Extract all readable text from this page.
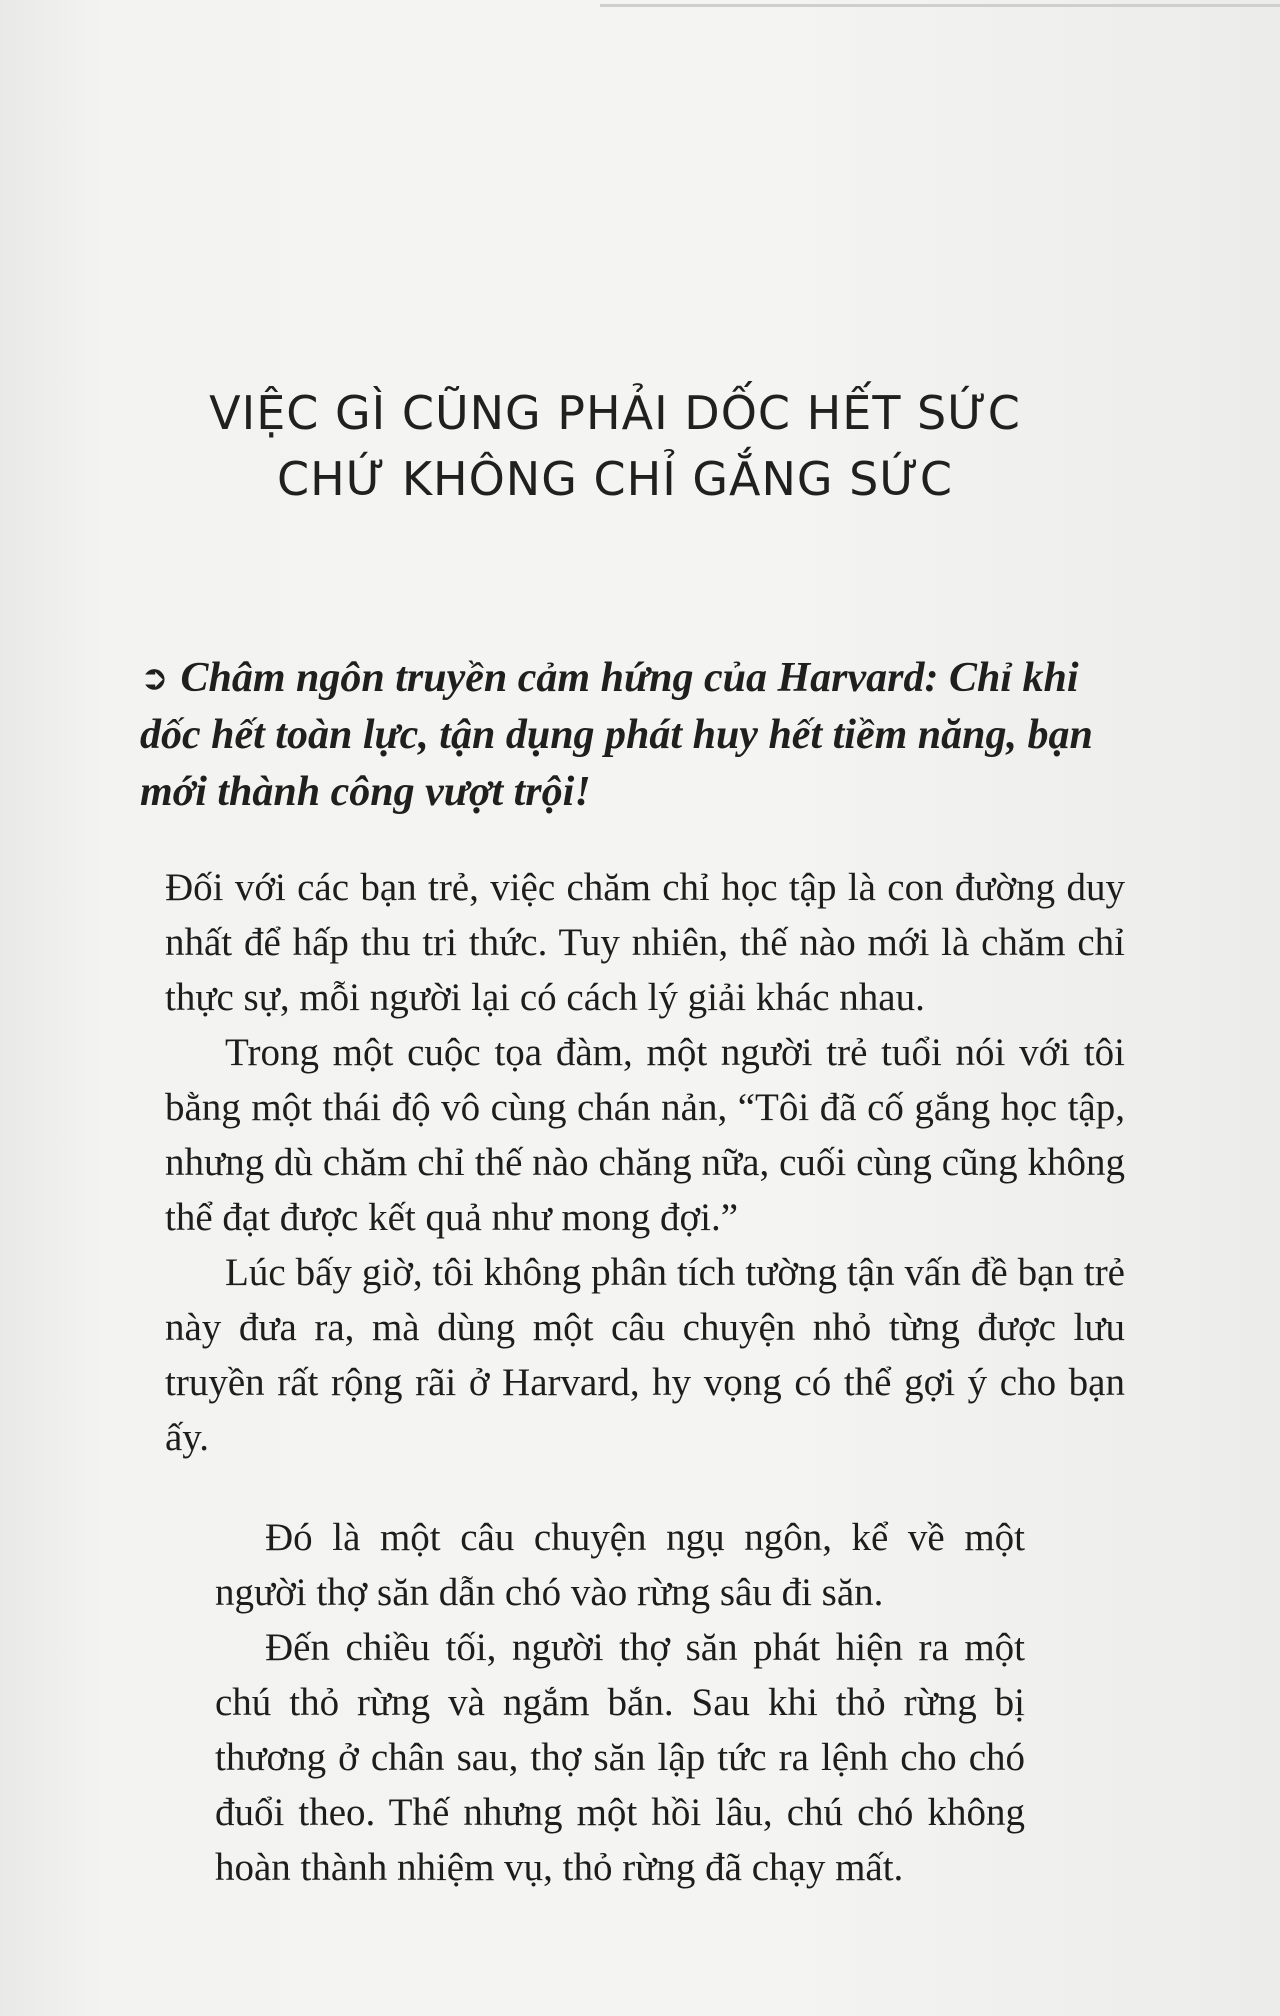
VIỆC GÌ CŨNG PHẢI DỐC HẾT SỨC
CHỨ KHÔNG CHỈ GẮNG SỨC
➲ Châm ngôn truyền cảm hứng của Harvard: Chỉ khi dốc hết toàn lực, tận dụng phát huy hết tiềm năng, bạn mới thành công vượt trội!

Đối với các bạn trẻ, việc chăm chỉ học tập là con đường duy nhất để hấp thu tri thức. Tuy nhiên, thế nào mới là chăm chỉ thực sự, mỗi người lại có cách lý giải khác nhau.

Trong một cuộc tọa đàm, một người trẻ tuổi nói với tôi bằng một thái độ vô cùng chán nản, “Tôi đã cố gắng học tập, nhưng dù chăm chỉ thế nào chăng nữa, cuối cùng cũng không thể đạt được kết quả như mong đợi.”

Lúc bấy giờ, tôi không phân tích tường tận vấn đề bạn trẻ này đưa ra, mà dùng một câu chuyện nhỏ từng được lưu truyền rất rộng rãi ở Harvard, hy vọng có thể gợi ý cho bạn ấy.

Đó là một câu chuyện ngụ ngôn, kể về một người thợ săn dẫn chó vào rừng sâu đi săn.

Đến chiều tối, người thợ săn phát hiện ra một chú thỏ rừng và ngắm bắn. Sau khi thỏ rừng bị thương ở chân sau, thợ săn lập tức ra lệnh cho chó đuổi theo. Thế nhưng một hồi lâu, chú chó không hoàn thành nhiệm vụ, thỏ rừng đã chạy mất.
